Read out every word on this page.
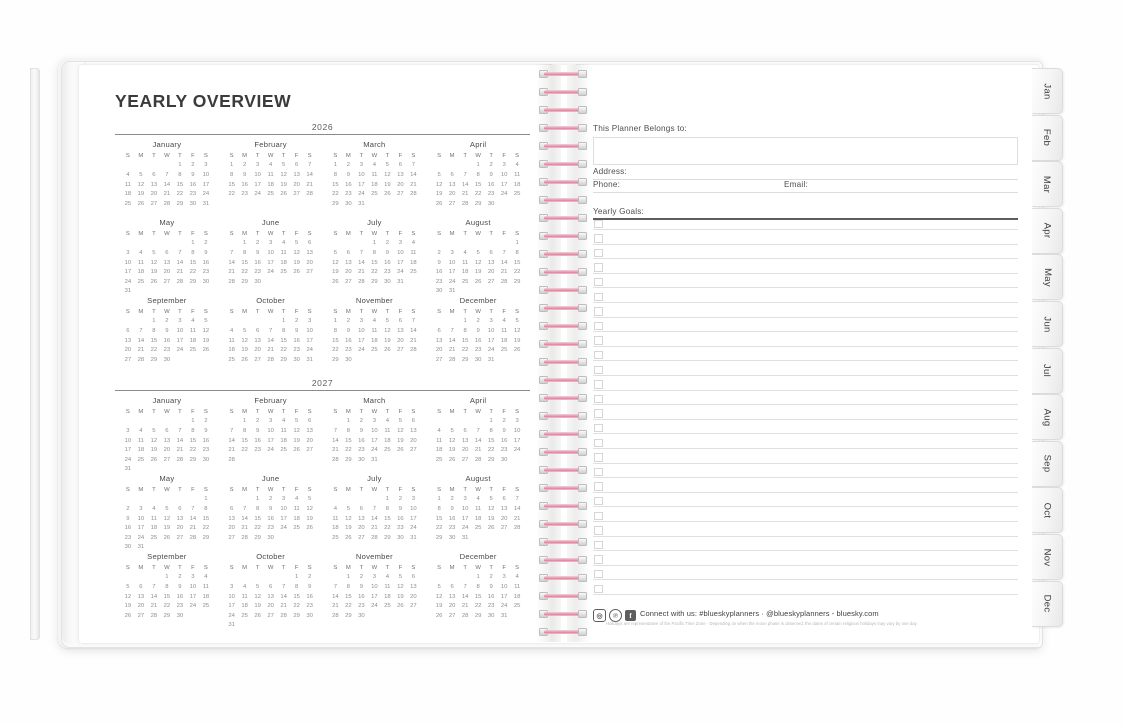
YEARLY OVERVIEW
2026
January
S	M	T	W	T	F	S
				1	2	3
4	5	6	7	8	9	10
11	12	13	14	15	16	17
18	19	20	21	22	23	24
25	26	27	28	29	30	31
February
S	M	T	W	T	F	S
1	2	3	4	5	6	7
8	9	10	11	12	13	14
15	16	17	18	19	20	21
22	23	24	25	26	27	28
March
S	M	T	W	T	F	S
1	2	3	4	5	6	7
8	9	10	11	12	13	14
15	16	17	18	19	20	21
22	23	24	25	26	27	28
29	30	31				
April
S	M	T	W	T	F	S
			1	2	3	4
5	6	7	8	9	10	11
12	13	14	15	16	17	18
19	20	21	22	23	24	25
26	27	28	29	30		
May
S	M	T	W	T	F	S
					1	2
3	4	5	6	7	8	9
10	11	12	13	14	15	16
17	18	19	20	21	22	23
24	25	26	27	28	29	30
31						
June
S	M	T	W	T	F	S
	1	2	3	4	5	6
7	8	9	10	11	12	13
14	15	16	17	18	19	20
21	22	23	24	25	26	27
28	29	30				
July
S	M	T	W	T	F	S
			1	2	3	4
5	6	7	8	9	10	11
12	13	14	15	16	17	18
19	20	21	22	23	24	25
26	27	28	29	30	31	
August
S	M	T	W	T	F	S
						1
2	3	4	5	6	7	8
9	10	11	12	13	14	15
16	17	18	19	20	21	22
23	24	25	26	27	28	29
30	31					
September
S	M	T	W	T	F	S
		1	2	3	4	5
6	7	8	9	10	11	12
13	14	15	16	17	18	19
20	21	22	23	24	25	26
27	28	29	30			
October
S	M	T	W	T	F	S
				1	2	3
4	5	6	7	8	9	10
11	12	13	14	15	16	17
18	19	20	21	22	23	24
25	26	27	28	29	30	31
November
S	M	T	W	T	F	S
1	2	3	4	5	6	7
8	9	10	11	12	13	14
15	16	17	18	19	20	21
22	23	24	25	26	27	28
29	30					
December
S	M	T	W	T	F	S
		1	2	3	4	5
6	7	8	9	10	11	12
13	14	15	16	17	18	19
20	21	22	23	24	25	26
27	28	29	30	31		
2027
January
S	M	T	W	T	F	S
					1	2
3	4	5	6	7	8	9
10	11	12	13	14	15	16
17	18	19	20	21	22	23
24	25	26	27	28	29	30
31						
February
S	M	T	W	T	F	S
	1	2	3	4	5	6
7	8	9	10	11	12	13
14	15	16	17	18	19	20
21	22	23	24	25	26	27
28						
March
S	M	T	W	T	F	S
	1	2	3	4	5	6
7	8	9	10	11	12	13
14	15	16	17	18	19	20
21	22	23	24	25	26	27
28	29	30	31			
April
S	M	T	W	T	F	S
				1	2	3
4	5	6	7	8	9	10
11	12	13	14	15	16	17
18	19	20	21	22	23	24
25	26	27	28	29	30	
May
S	M	T	W	T	F	S
						1
2	3	4	5	6	7	8
9	10	11	12	13	14	15
16	17	18	19	20	21	22
23	24	25	26	27	28	29
30	31					
June
S	M	T	W	T	F	S
		1	2	3	4	5
6	7	8	9	10	11	12
13	14	15	16	17	18	19
20	21	22	23	24	25	26
27	28	29	30			
July
S	M	T	W	T	F	S
				1	2	3
4	5	6	7	8	9	10
11	12	13	14	15	16	17
18	19	20	21	22	23	24
25	26	27	28	29	30	31
August
S	M	T	W	T	F	S
1	2	3	4	5	6	7
8	9	10	11	12	13	14
15	16	17	18	19	20	21
22	23	24	25	26	27	28
29	30	31				
September
S	M	T	W	T	F	S
			1	2	3	4
5	6	7	8	9	10	11
12	13	14	15	16	17	18
19	20	21	22	23	24	25
26	27	28	29	30		
October
S	M	T	W	T	F	S
					1	2
3	4	5	6	7	8	9
10	11	12	13	14	15	16
17	18	19	20	21	22	23
24	25	26	27	28	29	30
31						
November
S	M	T	W	T	F	S
	1	2	3	4	5	6
7	8	9	10	11	12	13
14	15	16	17	18	19	20
21	22	23	24	25	26	27
28	29	30				
December
S	M	T	W	T	F	S
			1	2	3	4
5	6	7	8	9	10	11
12	13	14	15	16	17	18
19	20	21	22	23	24	25
26	27	28	29	30	31	
This Planner Belongs to:
Address:
Phone:	Email:
Yearly Goals:
◎	℗	f	Connect with us: #blueskyplanners · @blueskyplanners - bluesky.com
Holidays are representative of the Pacific Time Zone · Depending on when the moon phase is observed, the dates of certain religious holidays may vary by one day.
Jan
Feb
Mar
Apr
May
Jun
Jul
Aug
Sep
Oct
Nov
Dec
